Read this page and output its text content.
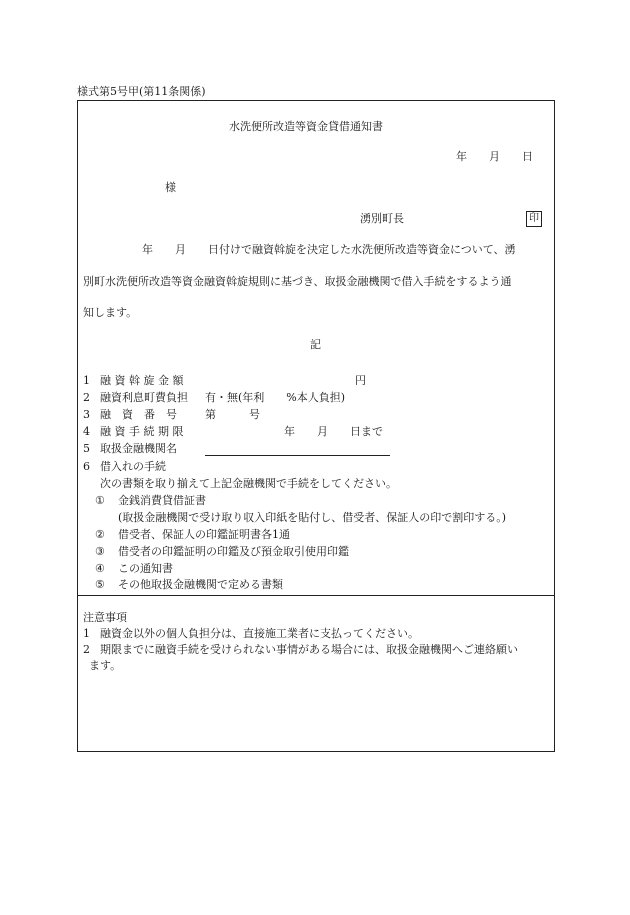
様式第5号甲(第11条関係)
水洗便所改造等資金貸借通知書
年　　月　　日
様
湧別町長	印
年　　月　　日付けで融資斡旋を決定した水洗便所改造等資金について、湧
別町水洗便所改造等資金融資斡旋規則に基づき、取扱金融機関で借入手続をするよう通
知します。
記
1 融 資 斡 旋 金 額	円
2 融資利息町費負担 有・無(年利　　%本人負担)
3 融　資　番　号	第　　　号
4 融 資 手 続 期 限	年　　月　　日まで
5 取扱金融機関名
6 借入れの手続
次の書類を取り揃えて上記金融機関で手続をしてください。
① 金銭消費貸借証書
(取扱金融機関で受け取り収入印紙を貼付し、借受者、保証人の印で割印する。)
② 借受者、保証人の印鑑証明書各1通
③ 借受者の印鑑証明の印鑑及び預金取引使用印鑑
④ この通知書
⑤ その他取扱金融機関で定める書類
注意事項
1 融資金以外の個人負担分は、直接施工業者に支払ってください。
2 期限までに融資手続を受けられない事情がある場合には、取扱金融機関へご連絡願い
ます。
